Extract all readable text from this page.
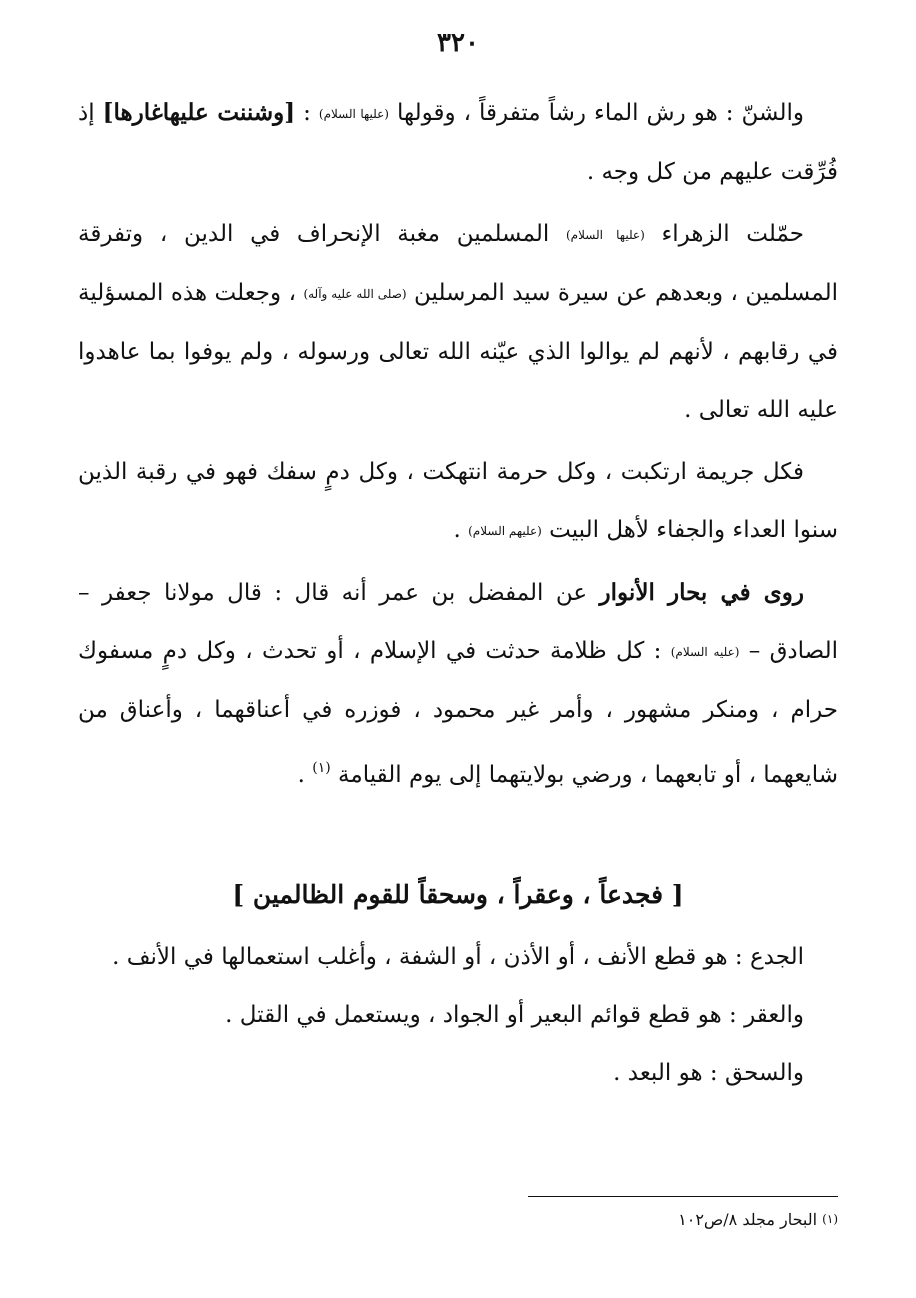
٣٢٠

والشنّ : هو رش الماء رشاً متفرقاً ، وقولها (عليها السلام) : [وشننت عليهاغارها] إذ فُرِّقت عليهم من كل وجه .

حمّلت الزهراء (عليها السلام) المسلمين مغبة الإنحراف في الدين ، وتفرقة المسلمين ، وبعدهم عن سيرة سيد المرسلين (صلى الله عليه وآله) ، وجعلت هذه المسؤلية في رقابهم ، لأنهم لم يوالوا الذي عيّنه الله تعالى ورسوله ، ولم يوفوا بما عاهدوا عليه الله تعالى .

فكل جريمة ارتكبت ، وكل حرمة انتهكت ، وكل دمٍ سفك فهو في رقبة الذين سنوا العداء والجفاء لأهل البيت (عليهم السلام) .

روى في بحار الأنوار عن المفضل بن عمر أنه قال : قال مولانا جعفر – الصادق – (عليه السلام) : كل ظلامة حدثت في الإسلام ، أو تحدث ، وكل دمٍ مسفوك حرام ، ومنكر مشهور ، وأمر غير محمود ، فوزره في أعناقهما ، وأعناق من شايعهما ، أو تابعهما ، ورضي بولايتهما إلى يوم القيامة $^{(١)}$ .

[ فجدعاً ، وعقراً ، وسحقاً للقوم الظالمين ]

الجدع : هو قطع الأنف ، أو الأذن ، أو الشفة ، وأغلب استعمالها في الأنف .

والعقر : هو قطع قوائم البعير أو الجواد ، ويستعمل في القتل .

والسحق : هو البعد .

(١) البحار مجلد ٨/ص١٠٢
